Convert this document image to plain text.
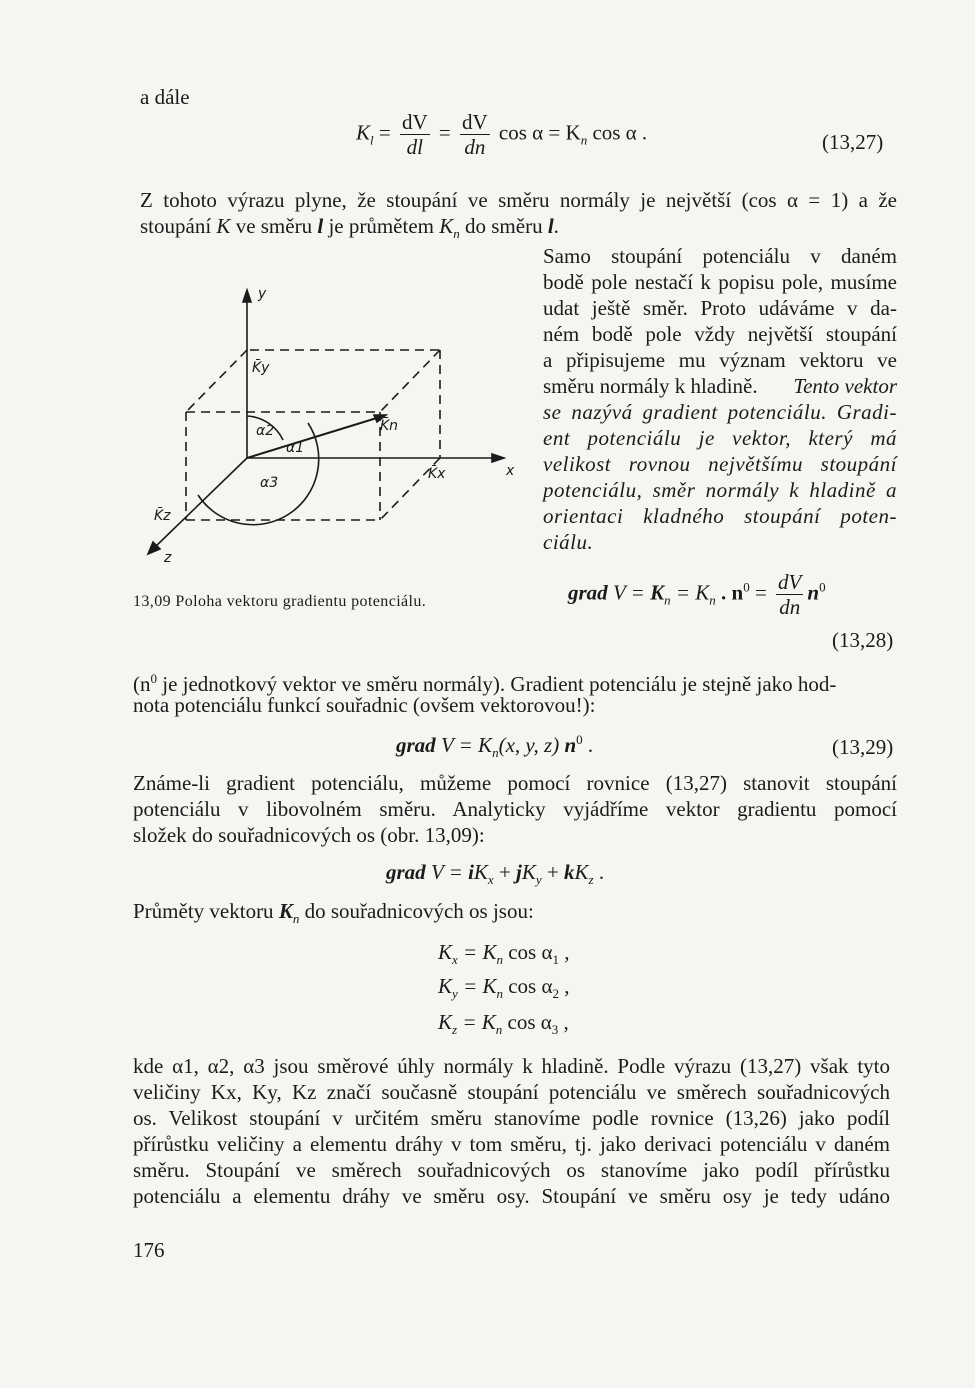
a dále
$K_l = \frac{dV}{dl} = \frac{dV}{dn}$ $\cos \alpha = K_n$ cos α .	(13,27)
Z tohoto výrazu plyne, že stoupání ve směru normály je největší (cos α = 1) a že
stoupání K ve směru l je průmětem $K_n$ do směru l.
Samo stoupání potenciálu v daném
bodě pole nestačí k popisu pole, musíme
udat ještě směr. Proto udáváme v da-
ném bodě pole vždy největší stoupání
a připisujeme mu význam vektoru ve
směru normály k hladině. Tento vektor
se nazývá gradient potenciálu. Gradi-
ent potenciálu je vektor, který má
velikost rovnou největšímu stoupání
potenciálu, směr normály k hladině a
orientaci kladného stoupání poten-
ciálu.
y
x
z
K̄y
K̄n
K̄x
K̄z
α1
α2
α3
13,09 Poloha vektoru gradientu potenciálu.	grad $V = K_n = K_n$ . $n^0 = \frac{dV}{dn} n^0$
(13,28)
($n^0$ je jednotkový vektor ve směru normály). Gradient potenciálu je stejně jako hod-
nota potenciálu funkcí souřadnic (ovšem vektorovou!):
grad $V = K_n(x$, y, z) $n^0$ .	(13,29)
Známe-li gradient potenciálu, můžeme pomocí rovnice (13,27) stanovit stoupání
potenciálu v libovolném směru. Analyticky vyjádříme vektor gradientu pomocí
složek do souřadnicových os (obr. 13,09):
grad $V = iK_x + jK_y + kK_z$ .
Průměty vektoru $K_n$ do souřadnicových os jsou:
$K_x = K_n$ $\cos \alpha_1$ ,
$K_y = K_n$ $\cos \alpha_2$ ,
$K_z = K_n$ $\cos \alpha_3$ ,
kde α1, α2, α3 jsou směrové úhly normály k hladině. Podle výrazu (13,27) však tyto
veličiny Kx, Ky, Kz značí současně stoupání potenciálu ve směrech souřadnicových
os. Velikost stoupání v určitém směru stanovíme podle rovnice (13,26) jako podíl
přírůstku veličiny a elementu dráhy v tom směru, tj. jako derivaci potenciálu v daném
směru. Stoupání ve směrech souřadnicových os stanovíme jako podíl přírůstku
potenciálu a elementu dráhy ve směru osy. Stoupání ve směru osy je tedy udáno
176
